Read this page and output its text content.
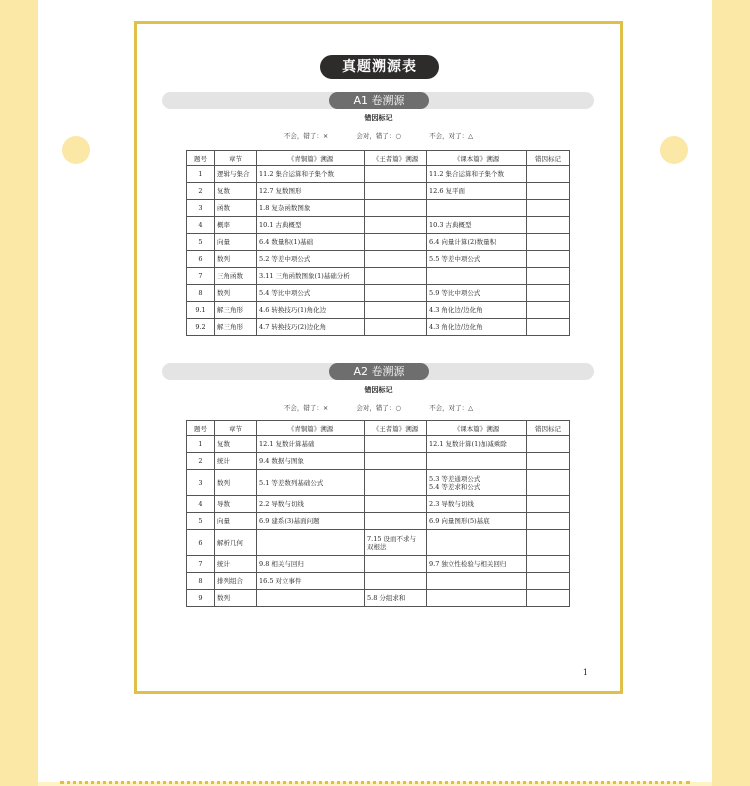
真题溯源表
A1 卷溯源
错因标记
不会，错了：×	会对，错了：○	不会，对了：△
题号	章节	《青铜篇》溯源	《王者篇》溯源	《课本篇》溯源	错因标记
1	逻辑与集合	11.2 集合运算和子集个数		11.2 集合运算和子集个数	
2	复数	12.7 复数图形		12.6 复平面	
3	函数	1.8 复杂函数图象			
4	概率	10.1 古典概型		10.3 古典概型	
5	向量	6.4 数量积(1)基础		6.4 向量计算(2)数量积	
6	数列	5.2 等差中项公式		5.5 等差中项公式	
7	三角函数	3.11 三角函数图象(1)基础分析			
8	数列	5.4 等比中项公式		5.9 等比中项公式	
9.1	解三角形	4.6 转换技巧(1)角化边		4.3 角化边/边化角	
9.2	解三角形	4.7 转换技巧(2)边化角		4.3 角化边/边化角	
A2 卷溯源
错因标记
不会，错了：×	会对，错了：○	不会，对了：△
题号	章节	《青铜篇》溯源	《王者篇》溯源	《课本篇》溯源	错因标记
1	复数	12.1 复数计算基础		12.1 复数计算(1)加减乘除	
2	统计	9.4 数据与图象			
3	数列	5.1 等差数列基础公式		5.3 等差通项公式
5.4 等差求和公式	
4	导数	2.2 导数与切线		2.3 导数与切线	
5	向量	6.9 建系(3)基面问题		6.9 向量图形(5)基底	
6	解析几何		7.15 设而不求与
双根法		
7	统计	9.8 相关与回归		9.7 独立性检验与相关回归	
8	排列组合	16.5 对立事件			
9	数列		5.8 分组求和		
1
